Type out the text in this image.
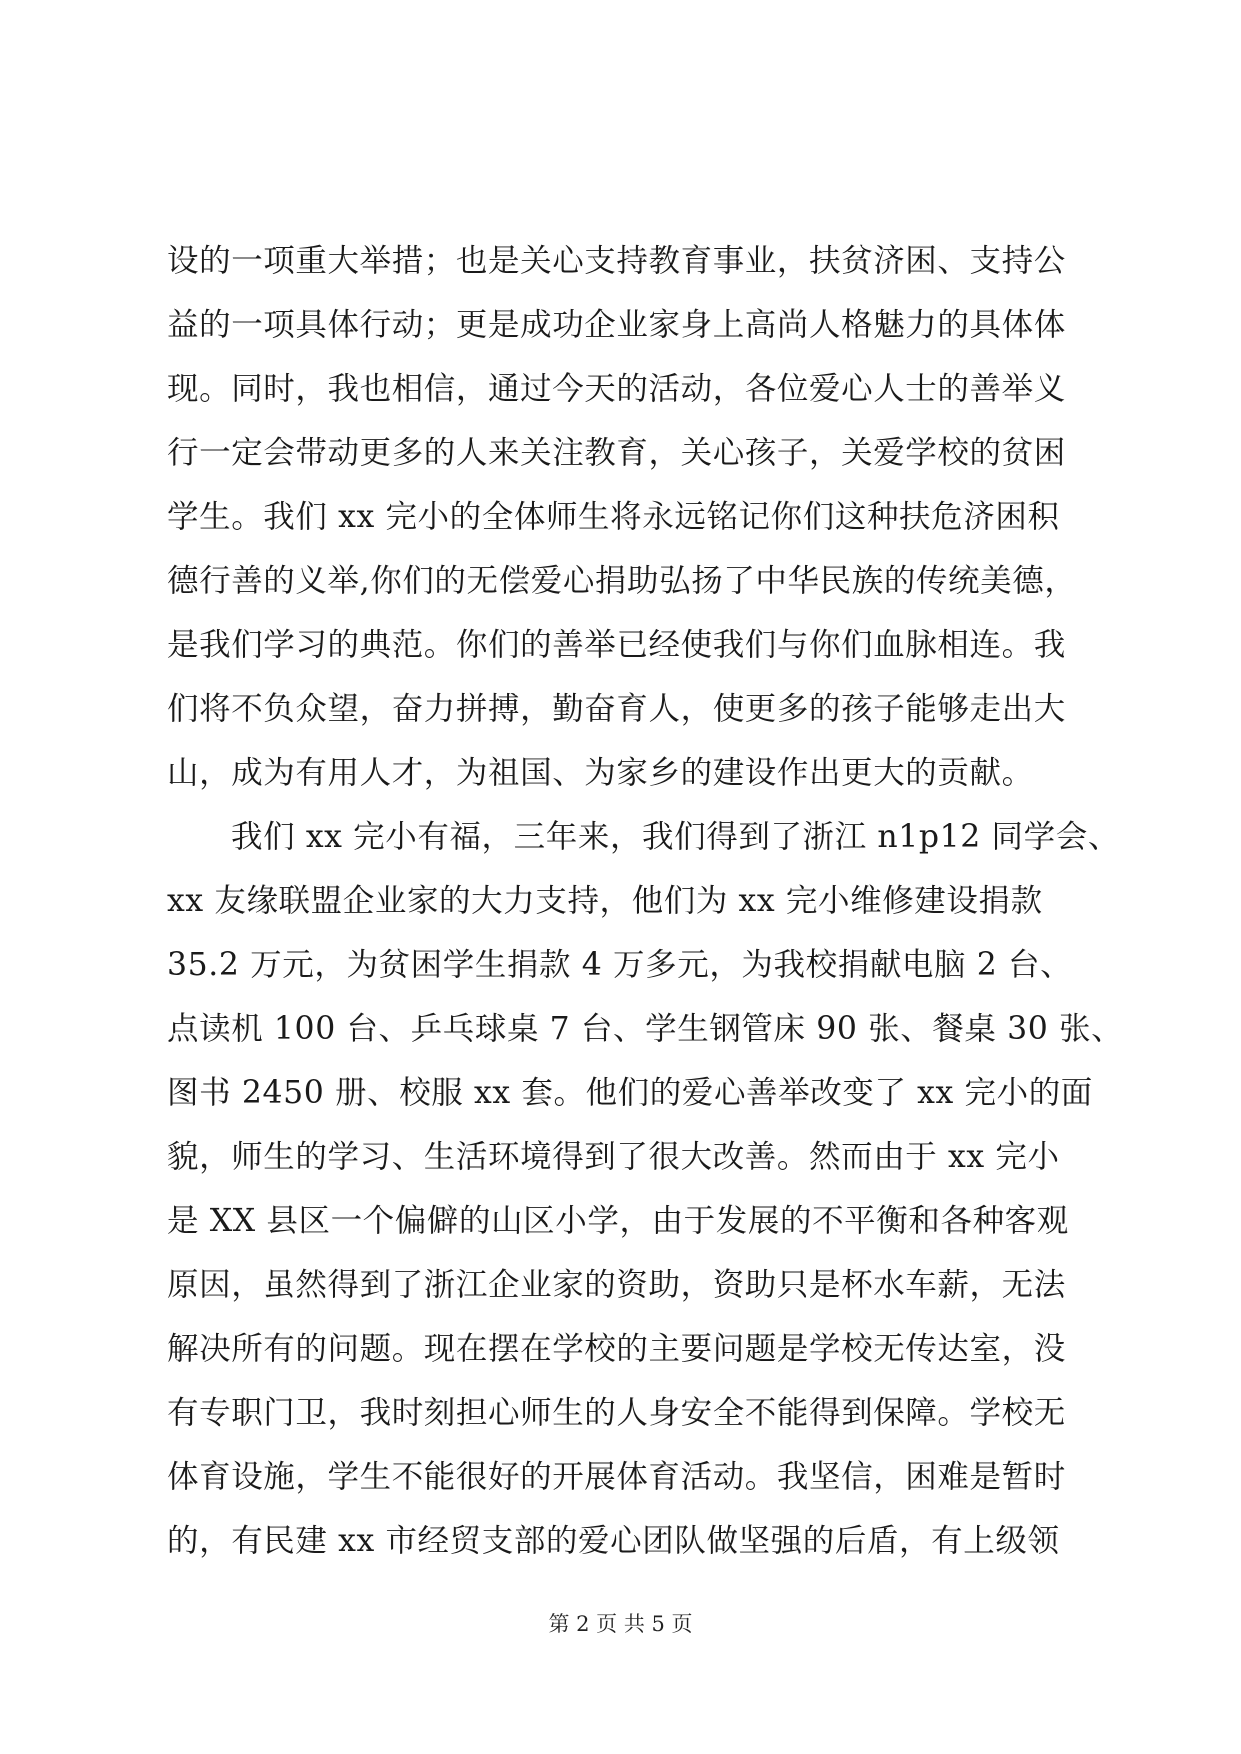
设的一项重大举措；也是关心支持教育事业，扶贫济困、支持公
益的一项具体行动；更是成功企业家身上高尚人格魅力的具体体
现。同时，我也相信，通过今天的活动，各位爱心人士的善举义
行一定会带动更多的人来关注教育，关心孩子，关爱学校的贫困
学生。我们 xx 完小的全体师生将永远铭记你们这种扶危济困积
德行善的义举,你们的无偿爱心捐助弘扬了中华民族的传统美德，
是我们学习的典范。你们的善举已经使我们与你们血脉相连。我
们将不负众望，奋力拼搏，勤奋育人，使更多的孩子能够走出大
山，成为有用人才，为祖国、为家乡的建设作出更大的贡献。
我们 xx 完小有福，三年来，我们得到了浙江 n1p12 同学会、
xx 友缘联盟企业家的大力支持，他们为 xx 完小维修建设捐款
35.2 万元，为贫困学生捐款 4 万多元，为我校捐献电脑 2 台、
点读机 100 台、乒乓球桌 7 台、学生钢管床 90 张、餐桌 30 张、
图书 2450 册、校服 xx 套。他们的爱心善举改变了 xx 完小的面
貌，师生的学习、生活环境得到了很大改善。然而由于 xx 完小
是 XX 县区一个偏僻的山区小学，由于发展的不平衡和各种客观
原因，虽然得到了浙江企业家的资助，资助只是杯水车薪，无法
解决所有的问题。现在摆在学校的主要问题是学校无传达室，没
有专职门卫，我时刻担心师生的人身安全不能得到保障。学校无
体育设施，学生不能很好的开展体育活动。我坚信，困难是暂时
的，有民建 xx 市经贸支部的爱心团队做坚强的后盾，有上级领
第 2 页 共 5 页
